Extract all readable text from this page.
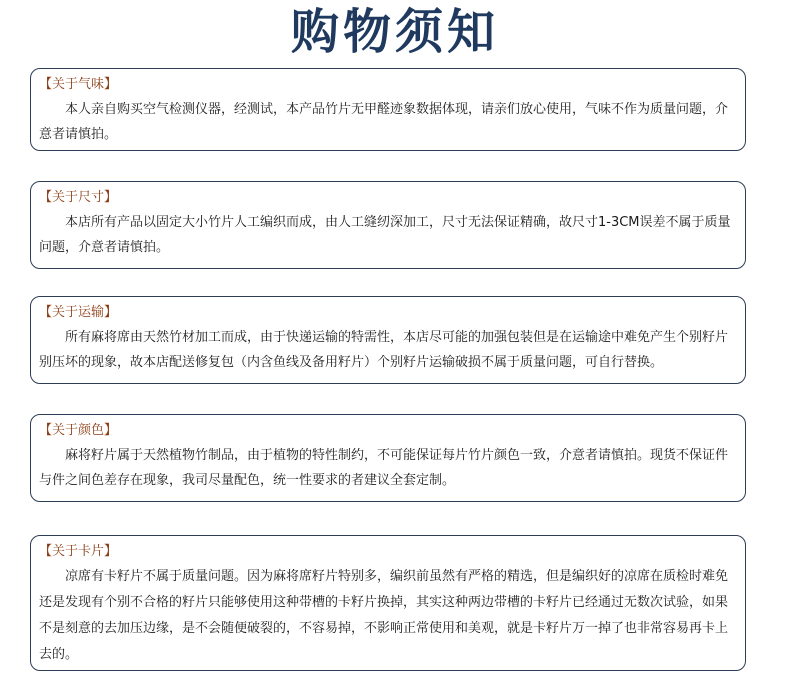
购物须知
【关于气味】
本人亲自购买空气检测仪器，经测试，本产品竹片无甲醛迹象数据体现，请亲们放心使用，气味不作为质量问题，介意者请慎拍。
【关于尺寸】
本店所有产品以固定大小竹片人工编织而成，由人工缝纫深加工，尺寸无法保证精确，故尺寸1-3CM误差不属于质量问题，介意者请慎拍。
【关于运输】
所有麻将席由天然竹材加工而成，由于快递运输的特需性，本店尽可能的加强包装但是在运输途中难免产生个别籽片别压坏的现象，故本店配送修复包（内含鱼线及备用籽片）个别籽片运输破损不属于质量问题，可自行替换。
【关于颜色】
麻将籽片属于天然植物竹制品，由于植物的特性制约，不可能保证每片竹片颜色一致，介意者请慎拍。现货不保证件与件之间色差存在现象，我司尽量配色，统一性要求的者建议全套定制。
【关于卡片】
凉席有卡籽片不属于质量问题。因为麻将席籽片特别多，编织前虽然有严格的精选，但是编织好的凉席在质检时难免还是发现有个别不合格的籽片只能够使用这种带槽的卡籽片换掉，其实这种两边带槽的卡籽片已经通过无数次试验，如果不是刻意的去加压边缘，是不会随便破裂的，不容易掉，不影响正常使用和美观，就是卡籽片万一掉了也非常容易再卡上去的。
